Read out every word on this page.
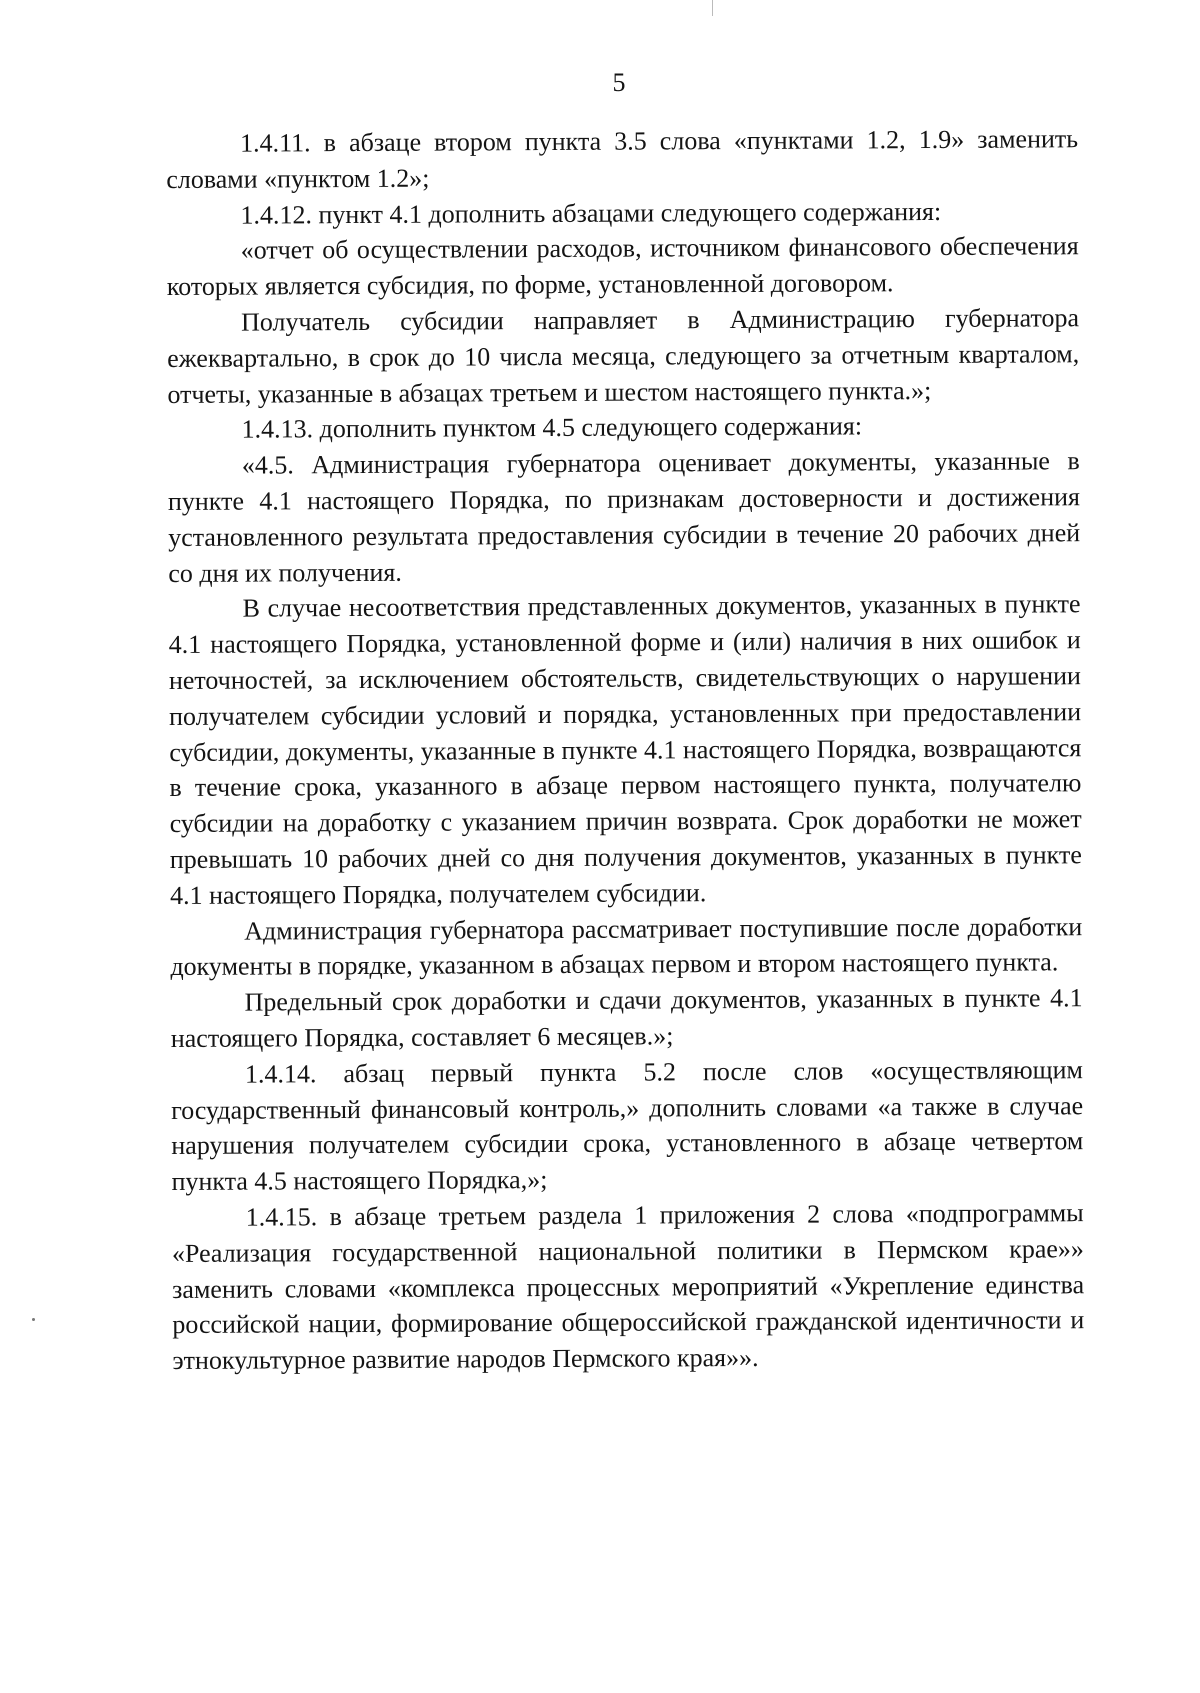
5

1.4.11. в абзаце втором пункта 3.5 слова «пунктами 1.2, 1.9» заменить словами «пунктом 1.2»;

1.4.12. пункт 4.1 дополнить абзацами следующего содержания:

«отчет об осуществлении расходов, источником финансового обеспечения которых является субсидия, по форме, установленной договором.

Получатель субсидии направляет в Администрацию губернатора ежеквартально, в срок до 10 числа месяца, следующего за отчетным кварталом, отчеты, указанные в абзацах третьем и шестом настоящего пункта.»;

1.4.13. дополнить пунктом 4.5 следующего содержания:

«4.5. Администрация губернатора оценивает документы, указанные в пункте 4.1 настоящего Порядка, по признакам достоверности и достижения установленного результата предоставления субсидии в течение 20 рабочих дней со дня их получения.

В случае несоответствия представленных документов, указанных в пункте 4.1 настоящего Порядка, установленной форме и (или) наличия в них ошибок и неточностей, за исключением обстоятельств, свидетельствующих о нарушении получателем субсидии условий и порядка, установленных при предоставлении субсидии, документы, указанные в пункте 4.1 настоящего Порядка, возвращаются в течение срока, указанного в абзаце первом настоящего пункта, получателю субсидии на доработку с указанием причин возврата. Срок доработки не может превышать 10 рабочих дней со дня получения документов, указанных в пункте 4.1 настоящего Порядка, получателем субсидии.

Администрация губернатора рассматривает поступившие после доработки документы в порядке, указанном в абзацах первом и втором настоящего пункта.

Предельный срок доработки и сдачи документов, указанных в пункте 4.1 настоящего Порядка, составляет 6 месяцев.»;

1.4.14. абзац первый пункта 5.2 после слов «осуществляющим государственный финансовый контроль,» дополнить словами «а также в случае нарушения получателем субсидии срока, установленного в абзаце четвертом пункта 4.5 настоящего Порядка,»;

1.4.15. в абзаце третьем раздела 1 приложения 2 слова «подпрограммы «Реализация государственной национальной политики в Пермском крае»» заменить словами «комплекса процессных мероприятий «Укрепление единства российской нации, формирование общероссийской гражданской идентичности и этнокультурное развитие народов Пермского края»».
